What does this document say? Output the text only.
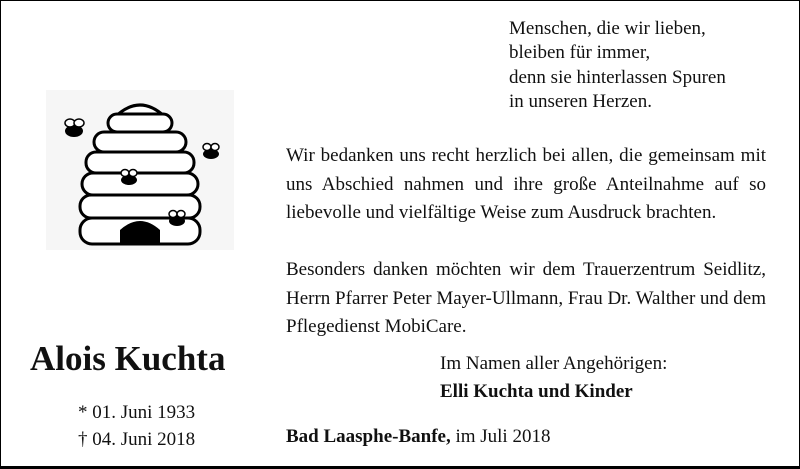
Menschen, die wir lieben,
bleiben für immer,
denn sie hinterlassen Spuren
in unseren Herzen.
Wir bedanken uns recht herzlich bei allen, die gemeinsam mit uns Abschied nahmen und ihre große Anteilnahme auf so liebevolle und vielfältige Weise zum Ausdruck brachten.
Besonders danken möchten wir dem Trauerzentrum Seidlitz, Herrn Pfarrer Peter Mayer-Ullmann, Frau Dr. Walther und dem Pflegedienst MobiCare.
Alois Kuchta
* 01. Juni 1933
† 04. Juni 2018
Im Namen aller Angehörigen:
Elli Kuchta und Kinder
Bad Laasphe-Banfe, im Juli 2018
